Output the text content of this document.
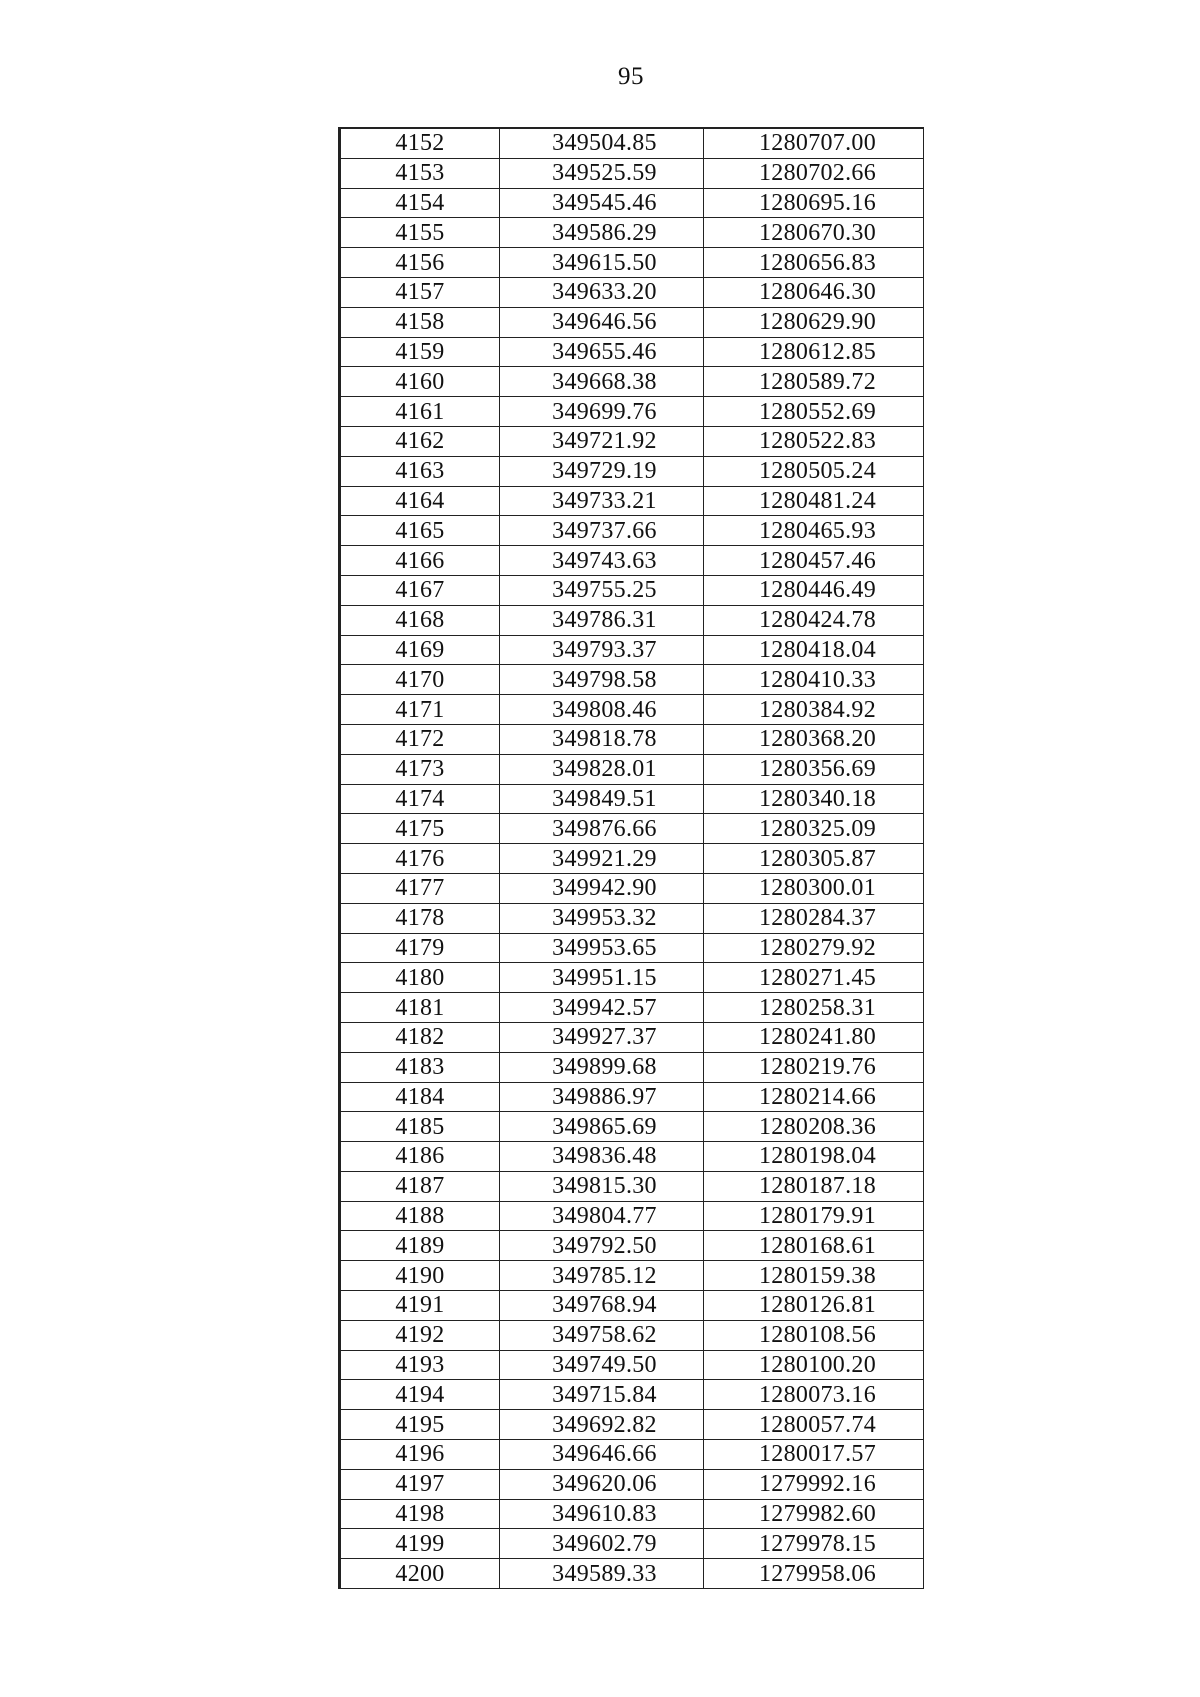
95
4152	349504.85	1280707.00
4153	349525.59	1280702.66
4154	349545.46	1280695.16
4155	349586.29	1280670.30
4156	349615.50	1280656.83
4157	349633.20	1280646.30
4158	349646.56	1280629.90
4159	349655.46	1280612.85
4160	349668.38	1280589.72
4161	349699.76	1280552.69
4162	349721.92	1280522.83
4163	349729.19	1280505.24
4164	349733.21	1280481.24
4165	349737.66	1280465.93
4166	349743.63	1280457.46
4167	349755.25	1280446.49
4168	349786.31	1280424.78
4169	349793.37	1280418.04
4170	349798.58	1280410.33
4171	349808.46	1280384.92
4172	349818.78	1280368.20
4173	349828.01	1280356.69
4174	349849.51	1280340.18
4175	349876.66	1280325.09
4176	349921.29	1280305.87
4177	349942.90	1280300.01
4178	349953.32	1280284.37
4179	349953.65	1280279.92
4180	349951.15	1280271.45
4181	349942.57	1280258.31
4182	349927.37	1280241.80
4183	349899.68	1280219.76
4184	349886.97	1280214.66
4185	349865.69	1280208.36
4186	349836.48	1280198.04
4187	349815.30	1280187.18
4188	349804.77	1280179.91
4189	349792.50	1280168.61
4190	349785.12	1280159.38
4191	349768.94	1280126.81
4192	349758.62	1280108.56
4193	349749.50	1280100.20
4194	349715.84	1280073.16
4195	349692.82	1280057.74
4196	349646.66	1280017.57
4197	349620.06	1279992.16
4198	349610.83	1279982.60
4199	349602.79	1279978.15
4200	349589.33	1279958.06
